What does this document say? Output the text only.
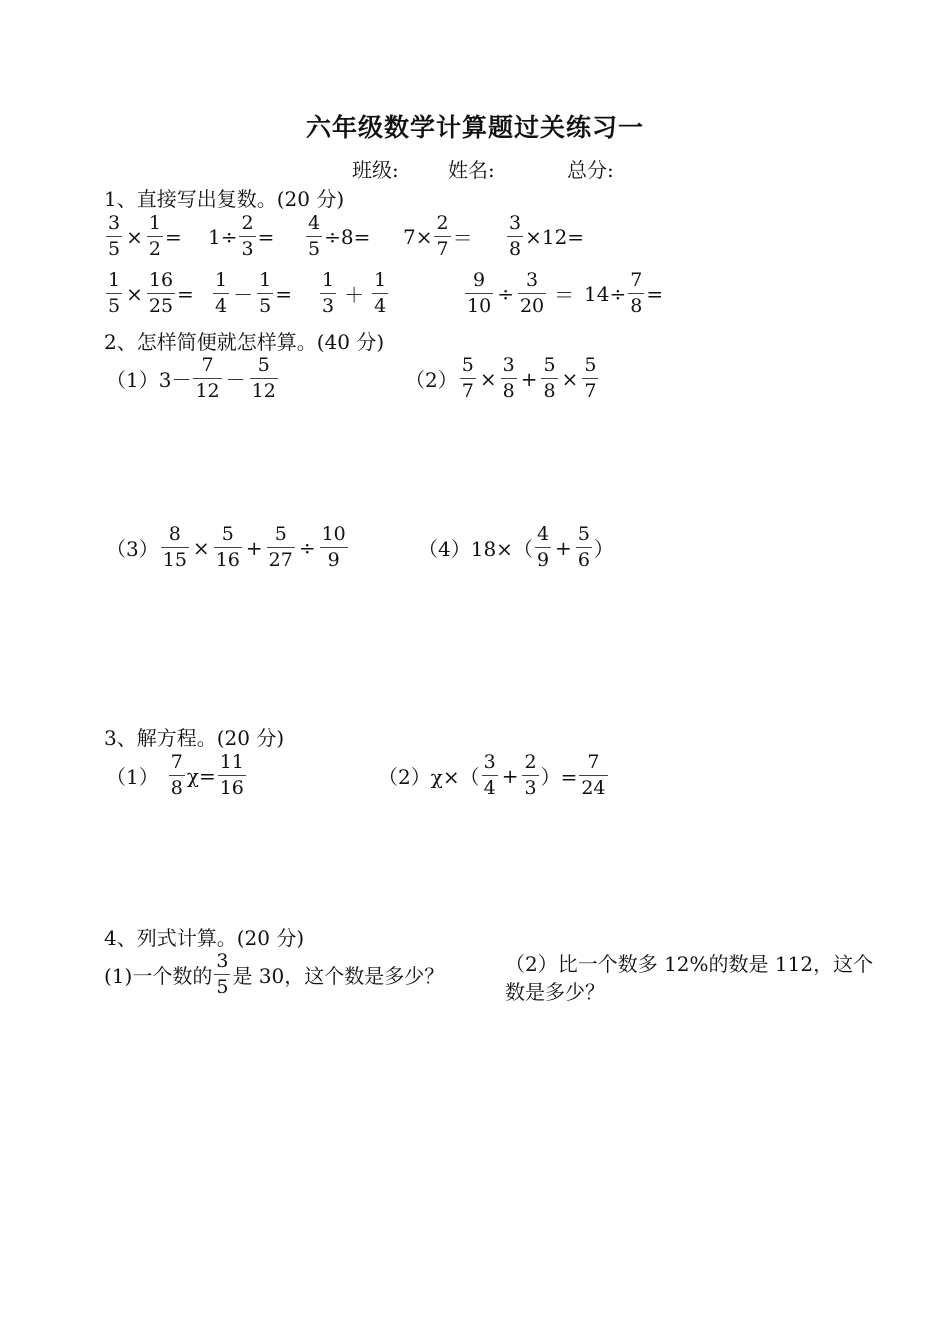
六年级数学计算题过关练习一
班级: 姓名:	总分:
1、直接写出复数。(20 分)
$\frac{3}{5} \times \frac{1}{2} = 1\div \frac{2}{3} = \frac{4}{5} \div 8= 7\times \frac{2}{7} = \frac{3}{8} \times 12=$
$\frac{1}{5} \times \frac{16}{25} = \frac{1}{4} - \frac{1}{5} = \frac{1}{3} + \frac{1}{4}$	$\frac{9}{10} \div \frac{3}{20} = 14\div \frac{7}{8}$ =
2、怎样简便就怎样算。(40 分)
（1） $3- \frac{7}{12} - \frac{5}{12}$	$(2) \frac{5}{7} \times \frac{3}{8} + \frac{5}{8} \times \frac{5}{7}$
$(3) \frac{8}{15} \times \frac{5}{16} + \frac{5}{27} \div \frac{10}{9}$	（4） $18\times( \frac{4}{9} + \frac{5}{6}$ ）
3、解方程。(20 分)
$(1) \frac{7}{8} \chi= \frac{11}{16}$	（2） $\chi\times( \frac{3}{4} + \frac{2}{3}$ ）= $\frac{7}{24}$
4、列式计算。(20 分)
(1)一个数的 $\frac{3}{5}$ 是 30，这个数是多少？	（2）比一个数多 12%的数是 112，这个数是多少？
